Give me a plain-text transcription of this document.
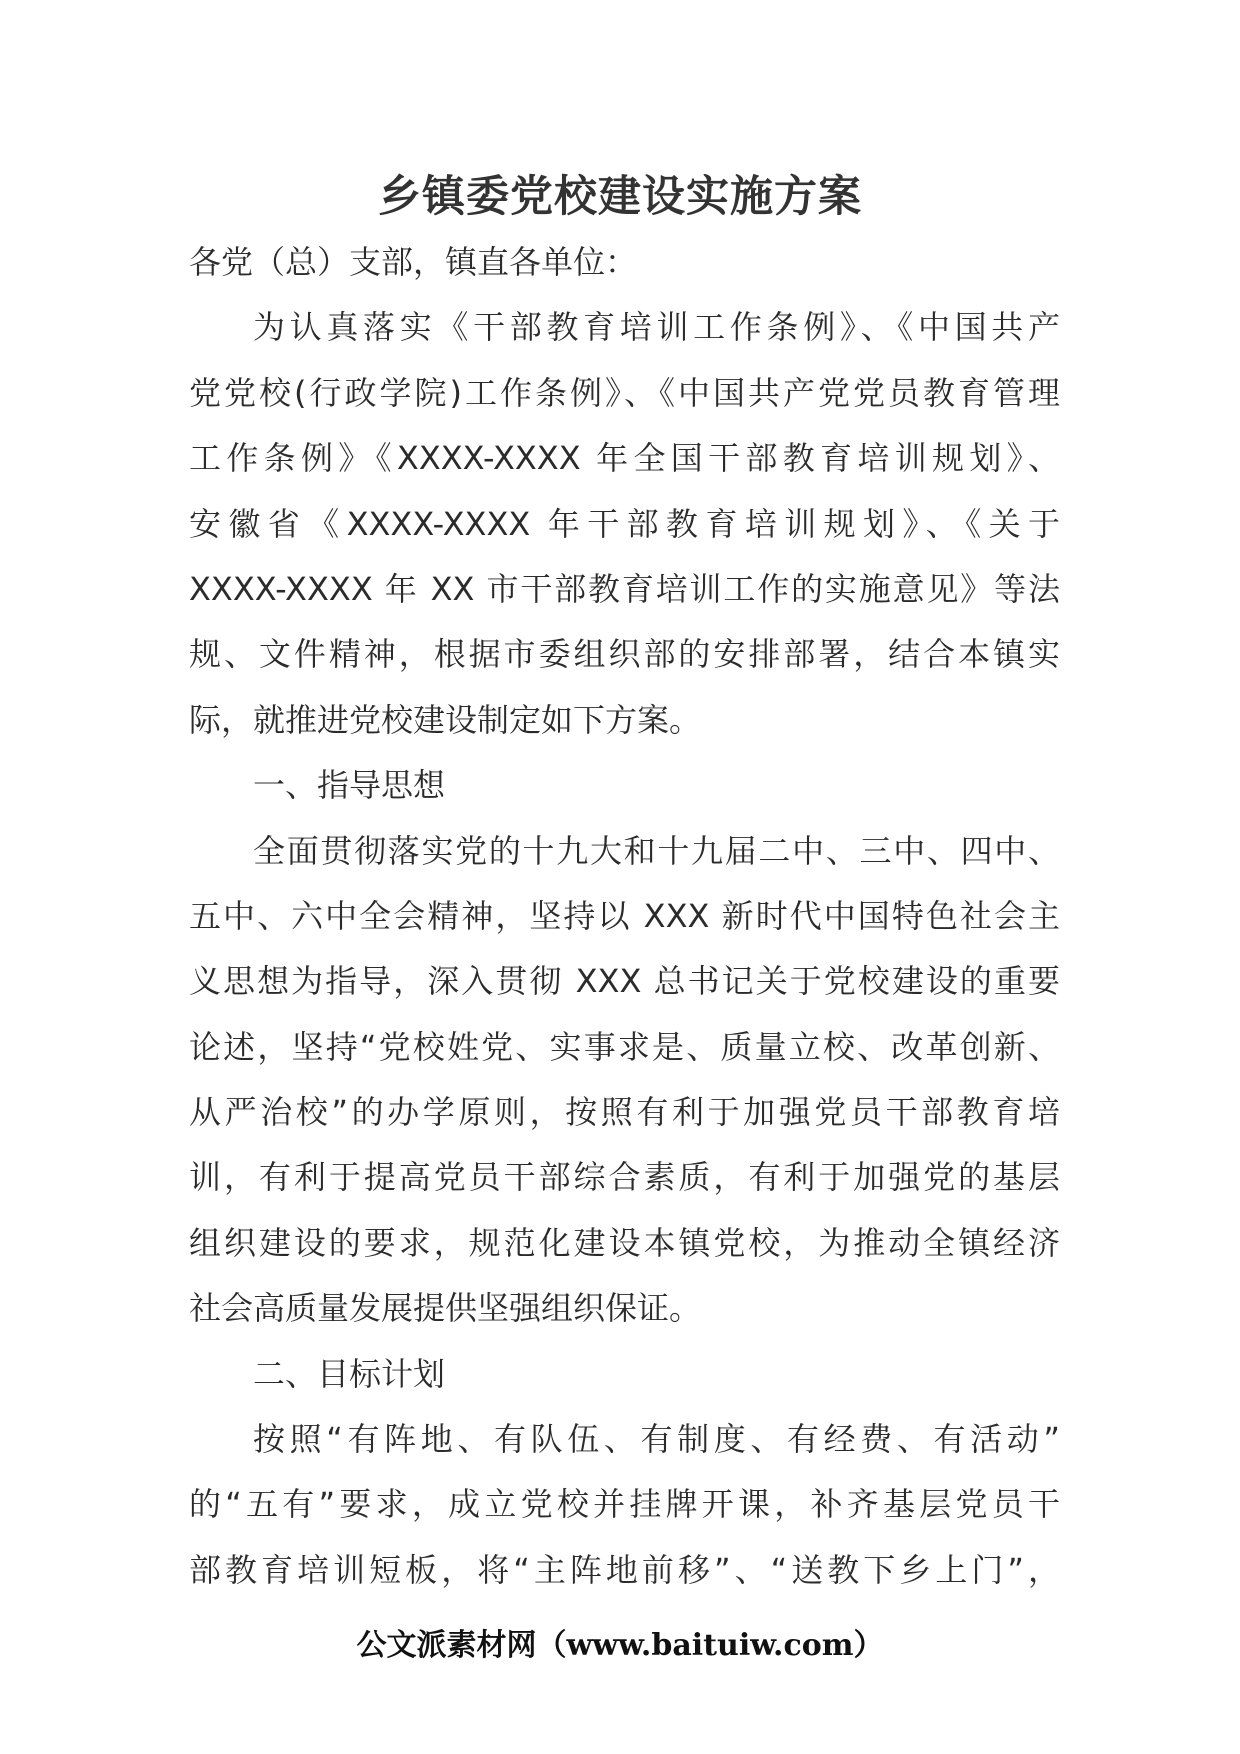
乡镇委党校建设实施方案
各党（总）支部，镇直各单位：
为认真落实《干部教育培训工作条例》、《中国共产
党党校(行政学院)工作条例》、《中国共产党党员教育管理
工作条例》《XXXX-XXXX 年全国干部教育培训规划》、
安徽省《XXXX-XXXX 年干部教育培训规划》、《关于
XXXX-XXXX 年 XX 市干部教育培训工作的实施意见》等法
规、文件精神，根据市委组织部的安排部署，结合本镇实
际，就推进党校建设制定如下方案。
一、指导思想
全面贯彻落实党的十九大和十九届二中、三中、四中、
五中、六中全会精神，坚持以 XXX 新时代中国特色社会主
义思想为指导，深入贯彻 XXX 总书记关于党校建设的重要
论述，坚持“党校姓党、实事求是、质量立校、改革创新、
从严治校”的办学原则，按照有利于加强党员干部教育培
训，有利于提高党员干部综合素质，有利于加强党的基层
组织建设的要求，规范化建设本镇党校，为推动全镇经济
社会高质量发展提供坚强组织保证。
二、目标计划
按照“有阵地、有队伍、有制度、有经费、有活动”
的“五有”要求，成立党校并挂牌开课，补齐基层党员干
部教育培训短板，将“主阵地前移”、“送教下乡上门”，
公文派素材网（www.baituiw.com）
